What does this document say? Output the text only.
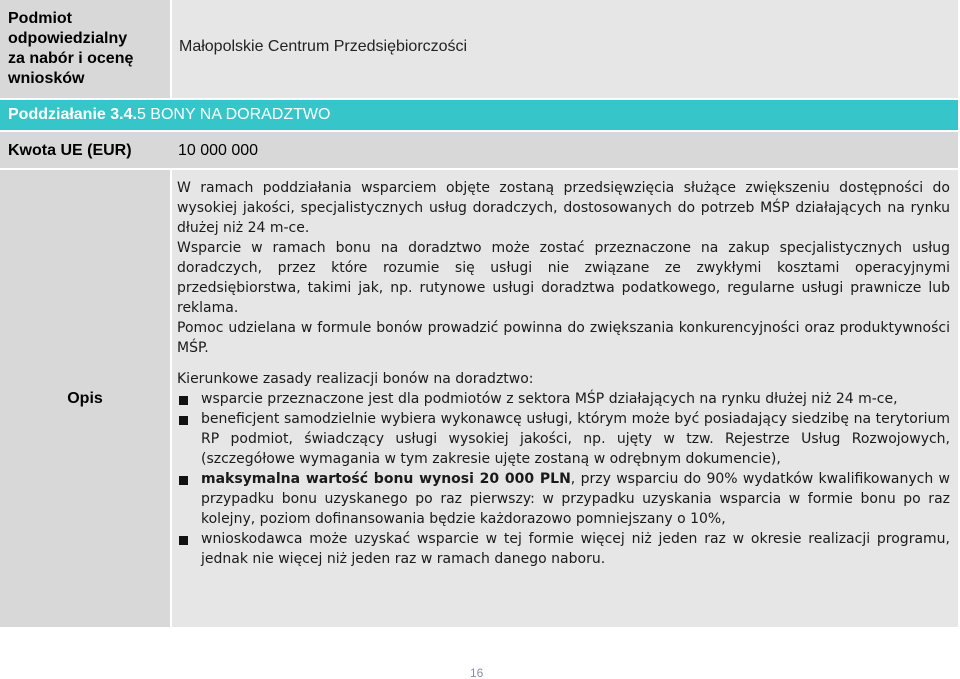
Podmiot
odpowiedzialny
za nabór i ocenę
wniosków
Małopolskie Centrum Przedsiębiorczości
Poddziałanie 3.4.5 BONY NA DORADZTWO
Kwota UE (EUR)	10 000 000
Opis

W ramach poddziałania wsparciem objęte zostaną przedsięwzięcia służące zwiększeniu dostępności do wysokiej jakości, specjalistycznych usług doradczych, dostosowanych do potrzeb MŚP działających na rynku dłużej niż 24 m-ce.

Wsparcie w ramach bonu na doradztwo może zostać przeznaczone na zakup specjalistycznych usług doradczych, przez które rozumie się usługi nie związane ze zwykłymi kosztami operacyjnymi przedsiębiorstwa, takimi jak, np. rutynowe usługi doradztwa podatkowego, regularne usługi prawnicze lub reklama.

Pomoc udzielana w formule bonów prowadzić powinna do zwiększania konkurencyjności oraz produktywności MŚP.

Kierunkowe zasady realizacji bonów na doradztwo:

wsparcie przeznaczone jest dla podmiotów z sektora MŚP działających na rynku dłużej niż 24 m-ce,
beneficjent samodzielnie wybiera wykonawcę usługi, którym może być posiadający siedzibę na terytorium RP podmiot, świadczący usługi wysokiej jakości, np. ujęty w tzw. Rejestrze Usług Rozwojowych, (szczegółowe wymagania w tym zakresie ujęte zostaną w odrębnym dokumencie),
maksymalna wartość bonu wynosi 20 000 PLN, przy wsparciu do 90% wydatków kwalifikowanych w przypadku bonu uzyskanego po raz pierwszy: w przypadku uzyskania wsparcia w formie bonu po raz kolejny, poziom dofinansowania będzie każdorazowo pomniejszany o 10%,
wnioskodawca może uzyskać wsparcie w tej formie więcej niż jeden raz w okresie realizacji programu, jednak nie więcej niż jeden raz w ramach danego naboru.
16
